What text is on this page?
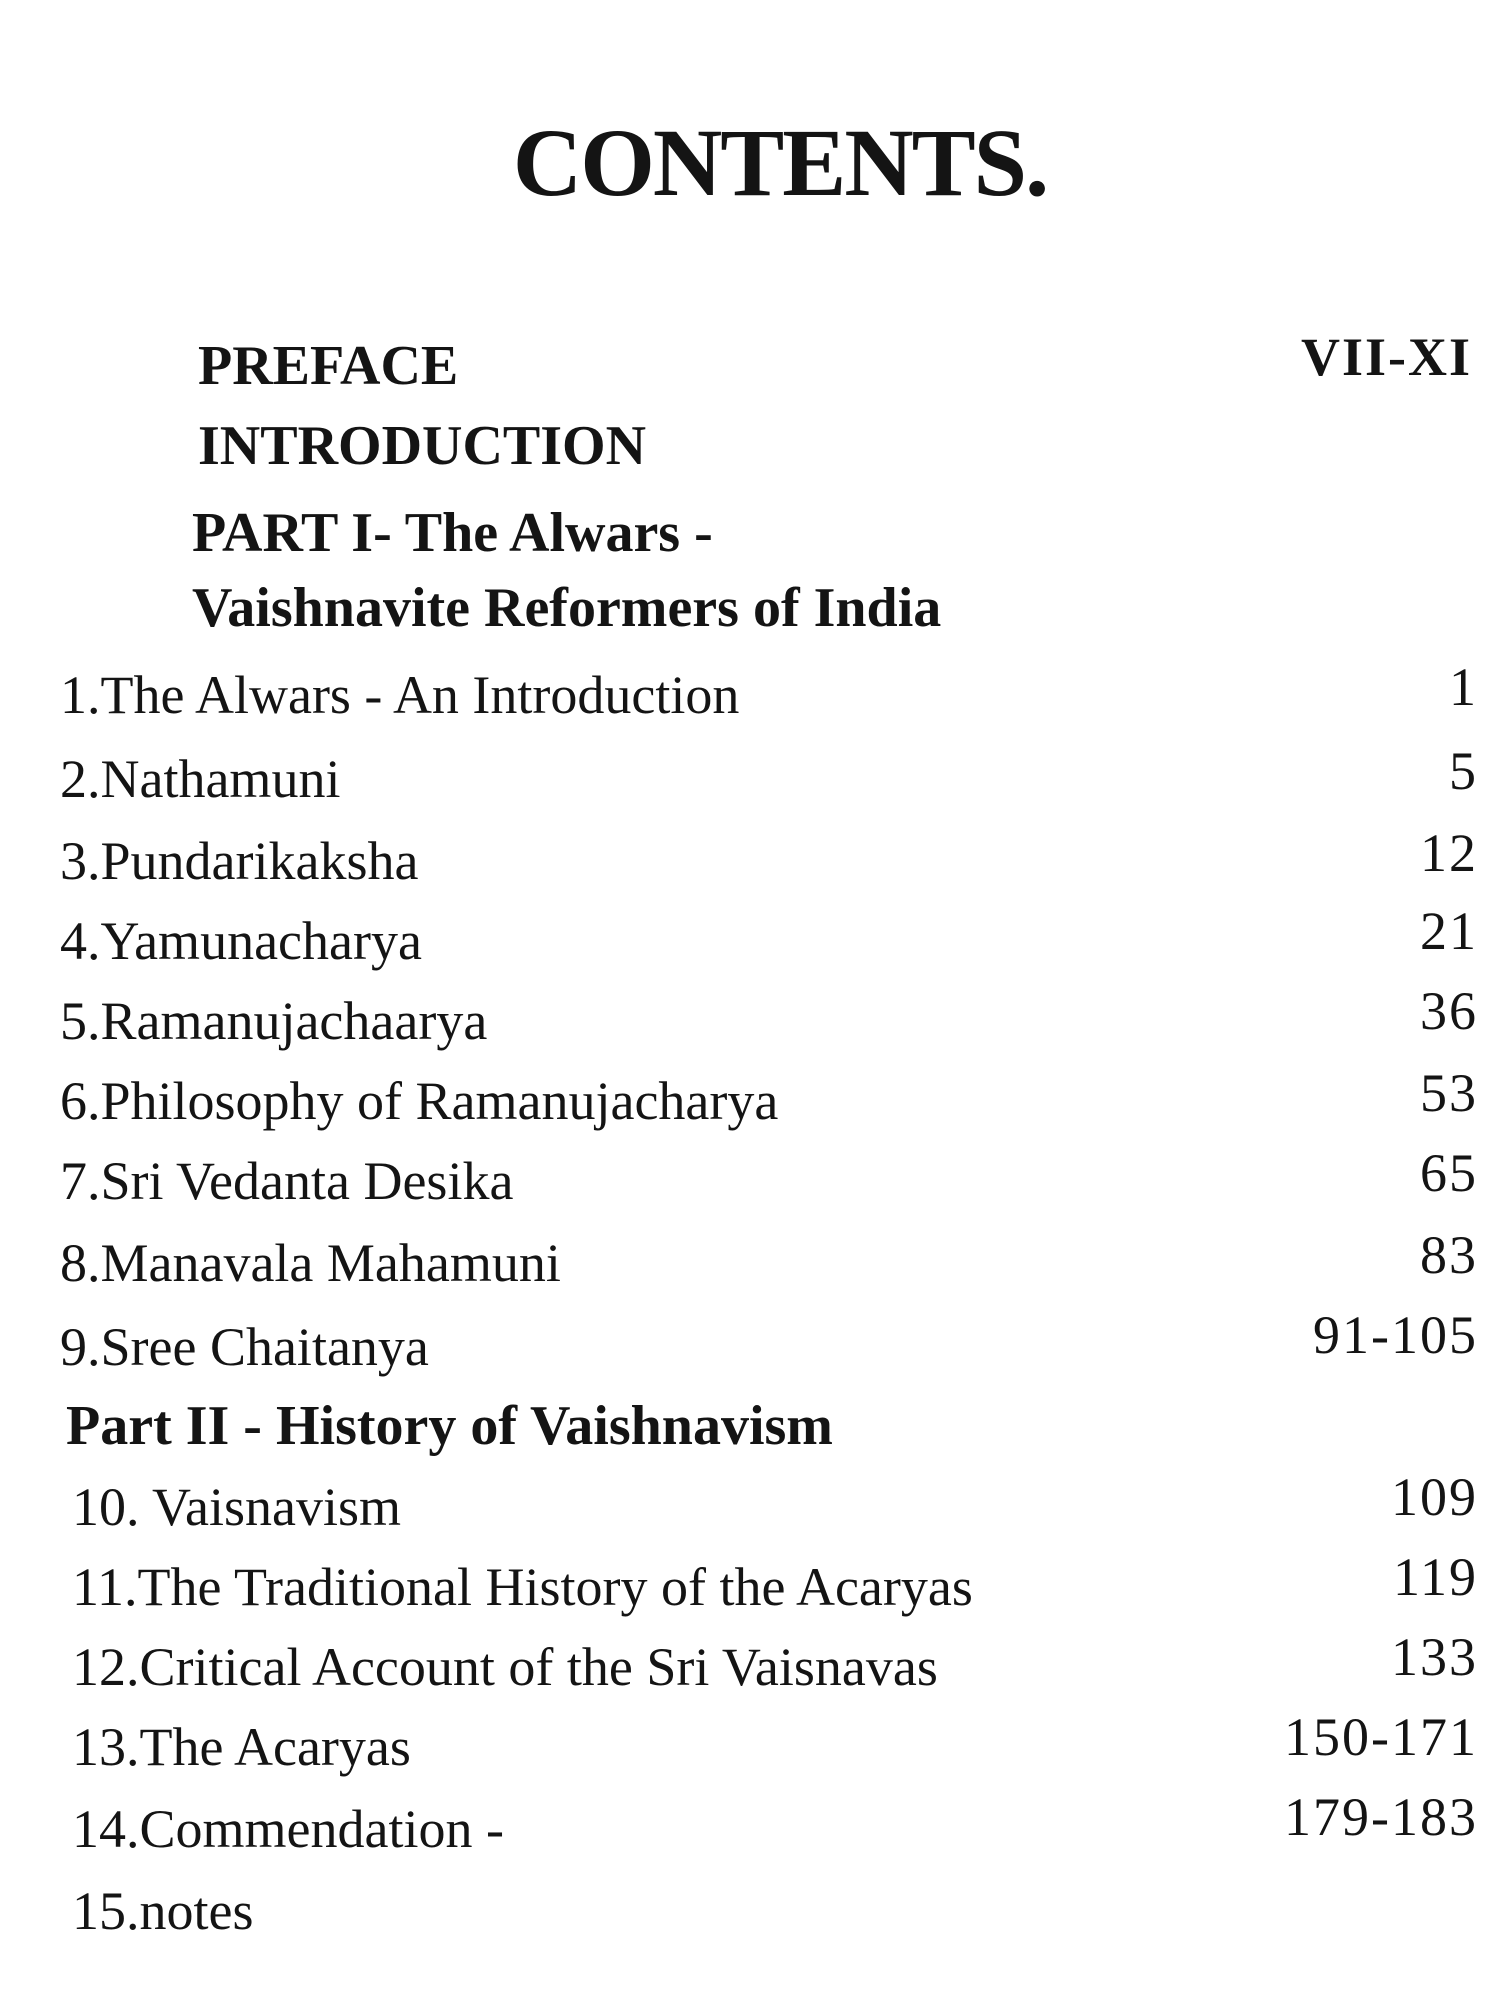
CONTENTS.
PREFACE	VII-XI
INTRODUCTION
PART I- The Alwars -
Vaishnavite Reformers of India
1.The Alwars - An Introduction	1
2.Nathamuni	5
3.Pundarikaksha	12
4.Yamunacharya	21
5.Ramanujachaarya	36
6.Philosophy of Ramanujacharya	53
7.Sri Vedanta Desika	65
8.Manavala Mahamuni	83
9.Sree Chaitanya	91-105
Part II - History of Vaishnavism
10. Vaisnavism	109
11.The Traditional History of the Acaryas	119
12.Critical Account of the Sri Vaisnavas	133
13.The Acaryas	150-171
14.Commendation -	179-183
15.notes
